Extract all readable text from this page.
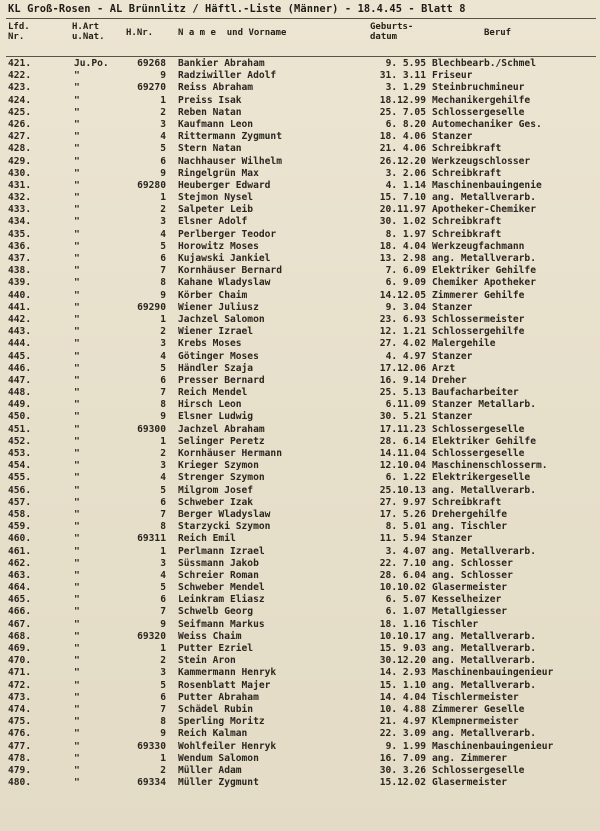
KL Groß-Rosen - AL Brünnlitz / Häftl.-Liste (Männer) - 18.4.45 - Blatt 8
Lfd.
Nr.
H.Art
u.Nat. H.Nr.	N a m e  und Vorname
Geburts-
datum	Beruf
421.	Ju.Po.	69268 Bankier Abraham	9. 5.95 Blechbearb./Schmel
422.	"	9 Radziwiller Adolf	31. 3.11 Friseur
423.	"	69270 Reiss Abraham	3. 1.29 Steinbruchmineur
424.	"	1 Preiss Isak	18.12.99 Mechanikergehilfe
425.	"	2 Reben Natan	25. 7.05 Schlossergeselle
426.	"	3 Kaufmann Leon	6. 8.20 Automechaniker Ges.
427.	"	4 Rittermann Zygmunt	18. 4.06 Stanzer
428.	"	5 Stern Natan	21. 4.06 Schreibkraft
429.	"	6 Nachhauser Wilhelm	26.12.20 Werkzeugschlosser
430.	"	9 Ringelgrün Max	3. 2.06 Schreibkraft
431.	"	69280 Heuberger Edward	4. 1.14 Maschinenbauingenie
432.	"	1 Stejmon Nysel	15. 7.10 ang. Metallverarb.
433.	"	2 Salpeter Leib	20.11.97 Apotheker-Chemiker
434.	"	3 Elsner Adolf	30. 1.02 Schreibkraft
435.	"	4 Perlberger Teodor	8. 1.97 Schreibkraft
436.	"	5 Horowitz Moses	18. 4.04 Werkzeugfachmann
437.	"	6 Kujawski Jankiel	13. 2.98 ang. Metallverarb.
438.	"	7 Kornhäuser Bernard	7. 6.09 Elektriker Gehilfe
439.	"	8 Kahane Wladyslaw	6. 9.09 Chemiker Apotheker
440.	"	9 Körber Chaim	14.12.05 Zimmerer Gehilfe
441.	"	69290 Wiener Juliusz	9. 3.04 Stanzer
442.	"	1 Jachzel Salomon	23. 6.93 Schlossermeister
443.	"	2 Wiener Izrael	12. 1.21 Schlossergehilfe
444.	"	3 Krebs Moses	27. 4.02 Malergehile
445.	"	4 Götinger Moses	4. 4.97 Stanzer
446.	"	5 Händler Szaja	17.12.06 Arzt
447.	"	6 Presser Bernard	16. 9.14 Dreher
448.	"	7 Reich Mendel	25. 5.13 Baufacharbeiter
449.	"	8 Hirsch Leon	6.11.09 Stanzer Metallarb.
450.	"	9 Elsner Ludwig	30. 5.21 Stanzer
451.	"	69300 Jachzel Abraham	17.11.23 Schlossergeselle
452.	"	1 Selinger Peretz	28. 6.14 Elektriker Gehilfe
453.	"	2 Kornhäuser Hermann	14.11.04 Schlossergeselle
454.	"	3 Krieger Szymon	12.10.04 Maschinenschlosserm.
455.	"	4 Strenger Szymon	6. 1.22 Elektrikergeselle
456.	"	5 Milgrom Josef	25.10.13 ang. Metallverarb.
457.	"	6 Schweber Izak	27. 9.97 Schreibkraft
458.	"	7 Berger Wladyslaw	17. 5.26 Drehergehilfe
459.	"	8 Starzycki Szymon	8. 5.01 ang. Tischler
460.	"	69311 Reich Emil	11. 5.94 Stanzer
461.	"	1 Perlmann Izrael	3. 4.07 ang. Metallverarb.
462.	"	3 Süssmann Jakob	22. 7.10 ang. Schlosser
463.	"	4 Schreier Roman	28. 6.04 ang. Schlosser
464.	"	5 Schweber Mendel	10.10.02 Glasermeister
465.	"	6 Leinkram Eliasz	6. 5.07 Kesselheizer
466.	"	7 Schwelb Georg	6. 1.07 Metallgiesser
467.	"	9 Seifmann Markus	18. 1.16 Tischler
468.	"	69320 Weiss Chaim	10.10.17 ang. Metallverarb.
469.	"	1 Putter Ezriel	15. 9.03 ang. Metallverarb.
470.	"	2 Stein Aron	30.12.20 ang. Metallverarb.
471.	"	3 Kammermann Henryk	14. 2.93 Maschinenbauingenieur
472.	"	5 Rosenblatt Majer	15. 1.10 ang. Metallverarb.
473.	"	6 Putter Abraham	14. 4.04 Tischlermeister
474.	"	7 Schädel Rubin	10. 4.88 Zimmerer Geselle
475.	"	8 Sperling Moritz	21. 4.97 Klempnermeister
476.	"	9 Reich Kalman	22. 3.09 ang. Metallverarb.
477.	"	69330 Wohlfeiler Henryk	9. 1.99 Maschinenbauingenieur
478.	"	1 Wendum Salomon	16. 7.09 ang. Zimmerer
479.	"	2 Müller Adam	30. 3.26 Schlossergeselle
480.	"	69334 Müller Zygmunt	15.12.02 Glasermeister
